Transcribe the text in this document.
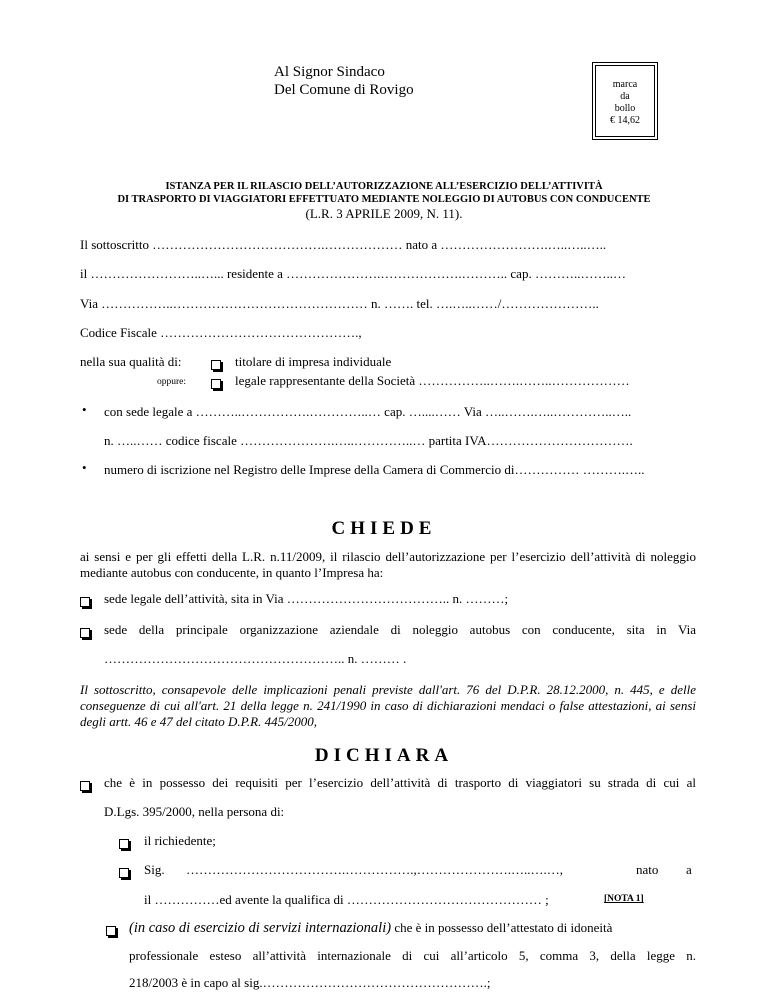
Al Signor Sindaco
Del Comune di Rovigo	marca
da
bollo
€ 14,62
ISTANZA PER IL RILASCIO DELL’AUTORIZZAZIONE ALL’ESERCIZIO DELL’ATTIVITÀ
DI TRASPORTO DI VIAGGIATORI EFFETTUATO MEDIANTE NOLEGGIO DI AUTOBUS CON CONDUCENTE
(L.R. 3 APRILE 2009, N. 11).
Il sottoscritto ………………………………….……………… nato a …………………….…..…..…..
il ……………………..…... residente a ………………….……………….……….. cap. ………..……..…
Via ……………..……………………………………… n. ……. tel. ….…..……/…………………..
Codice Fiscale ……………………………………….,
nella sua qualità di:	titolare di impresa individuale
oppure:	legale rappresentante della Società ……………..…….……..………………
• con sede legale a ………..…………….…………..… cap. …....…… Via …..…….…..…………..…..
n. …..…… codice fiscale ………………….…..…………..… partita IVA…………………………….
• numero di iscrizione nel Registro delle Imprese della Camera di Commercio di…………… ……….…..
CHIEDE
ai sensi e per gli effetti della L.R. n.11/2009, il rilascio dell’autorizzazione per l’esercizio dell’attività di noleggio mediante autobus con conducente, in quanto l’Impresa ha:
sede legale dell’attività, sita in Via ……………………………….. n. ………;
sede della principale organizzazione aziendale di noleggio autobus con conducente, sita in Via
……………………………………………….. n. ……… .
Il sottoscritto, consapevole delle implicazioni penali previste dall'art. 76 del D.P.R. 28.12.2000, n. 445, e delle conseguenze di cui all'art. 21 della legge n. 241/1990 in caso di dichiarazioni mendaci o false attestazioni, ai sensi degli artt. 46 e 47 del citato D.P.R. 445/2000,
DICHIARA
che è in possesso dei requisiti per l’esercizio dell’attività di trasporto di viaggiatori su strada di cui al
D.Lgs. 395/2000, nella persona di:
il richiedente;
Sig. ……………………………….…………….,………………….…..….…,	nato a
il ……………ed avente la qualifica di ……………………………………… ;	[NOTA 1]
(in caso di esercizio di servizi internazionali) che è in possesso dell’attestato di idoneità
professionale esteso all’attività internazionale di cui all’articolo 5, comma 3, della legge n.
218/2003 è in capo al sig.…………………………………………….;
